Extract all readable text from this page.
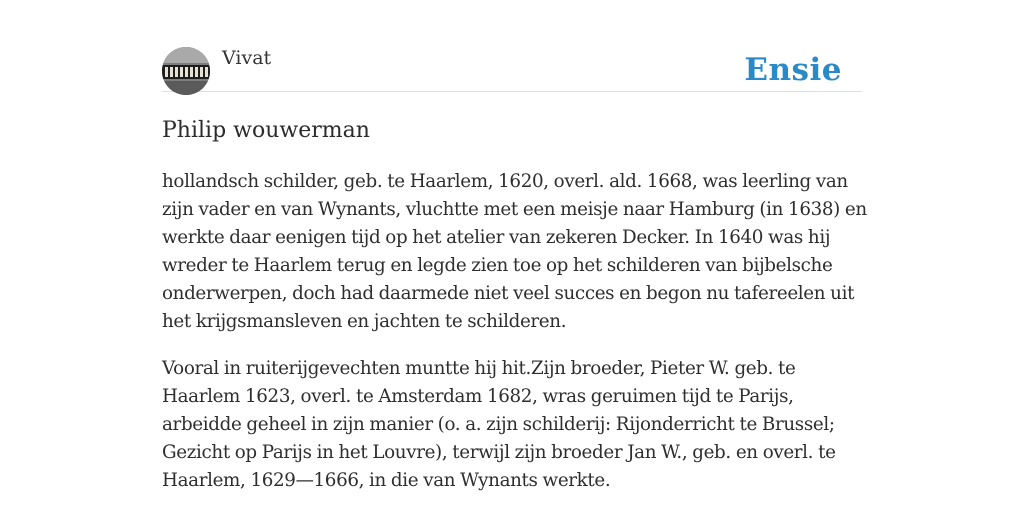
Vivat	Ensie
Philip wouwerman

hollandsch schilder, geb. te Haarlem, 1620, overl. ald. 1668, was leerling van zijn vader en van Wynants, vluchtte met een meisje naar Hamburg (in 1638) en werkte daar eenigen tijd op het atelier van zekeren Decker. In 1640 was hij wreder te Haarlem terug en legde zien toe op het schilderen van bijbelsche onderwerpen, doch had daarmede niet veel succes en begon nu tafereelen uit het krijgsmansleven en jachten te schilderen.

Vooral in ruiterijgevechten muntte hij hit.Zijn broeder, Pieter W. geb. te Haarlem 1623, overl. te Amsterdam 1682, wras geruimen tijd te Parijs, arbeidde geheel in zijn manier (o. a. zijn schilderij: Rijonderricht te Brussel; Gezicht op Parijs in het Louvre), terwijl zijn broeder Jan W., geb. en overl. te Haarlem, 1629—1666, in die van Wynants werkte.
